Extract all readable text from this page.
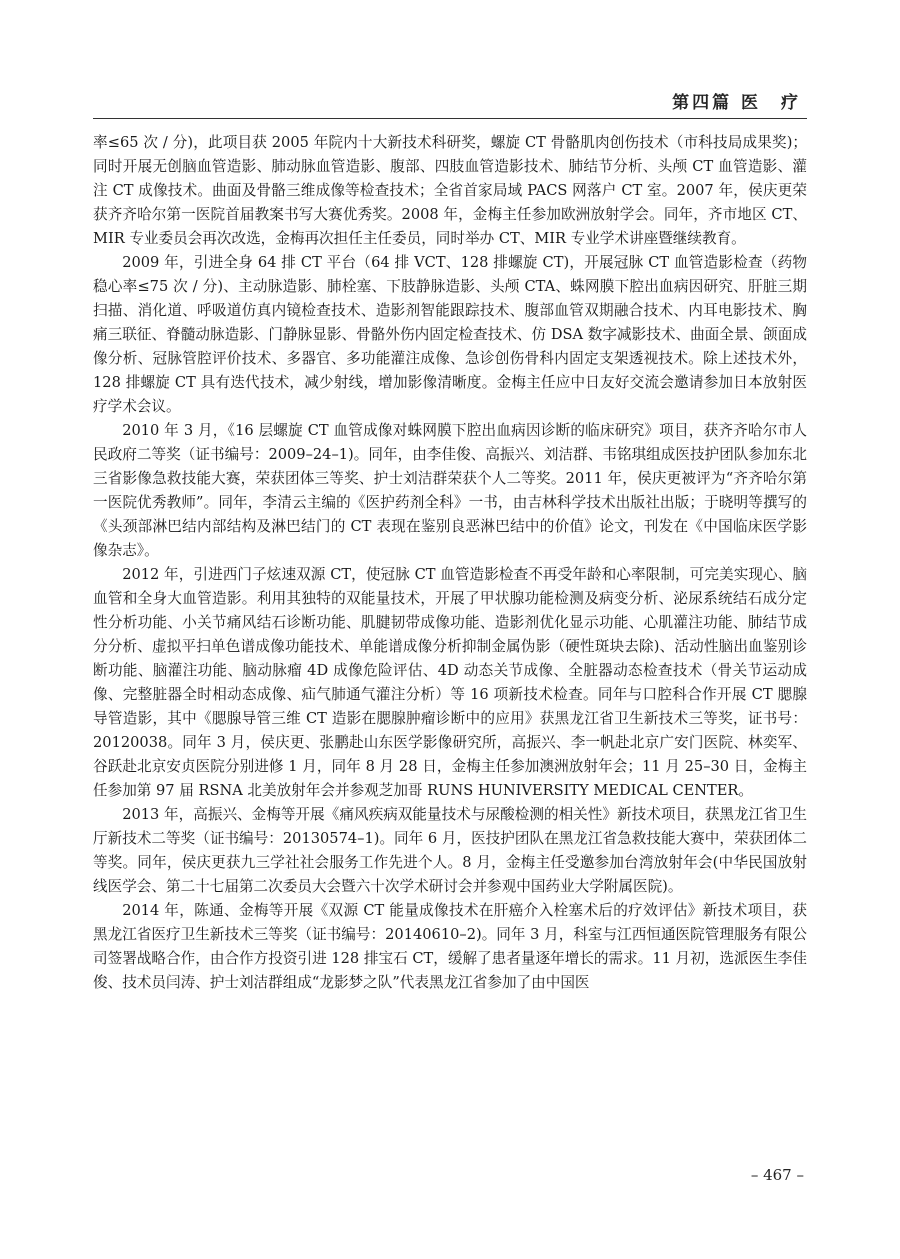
第四篇 医　疗

率≤65 次 / 分)，此项目获 2005 年院内十大新技术科研奖，螺旋 CT 骨骼肌肉创伤技术（市科技局成果奖)；同时开展无创脑血管造影、肺动脉血管造影、腹部、四肢血管造影技术、肺结节分析、头颅 CT 血管造影、灌注 CT 成像技术。曲面及骨骼三维成像等检查技术；全省首家局域 PACS 网落户 CT 室。2007 年，侯庆更荣获齐齐哈尔第一医院首届教案书写大赛优秀奖。2008 年，金梅主任参加欧洲放射学会。同年，齐市地区 CT、MIR 专业委员会再次改选，金梅再次担任主任委员，同时举办 CT、MIR 专业学术讲座暨继续教育。

2009 年，引进全身 64 排 CT 平台（64 排 VCT、128 排螺旋 CT)，开展冠脉 CT 血管造影检查（药物稳心率≤75 次 / 分)、主动脉造影、肺栓塞、下肢静脉造影、头颅 CTA、蛛网膜下腔出血病因研究、肝脏三期扫描、消化道、呼吸道仿真内镜检查技术、造影剂智能跟踪技术、腹部血管双期融合技术、内耳电影技术、胸痛三联征、脊髓动脉造影、门静脉显影、骨骼外伤内固定检查技术、仿 DSA 数字减影技术、曲面全景、颌面成像分析、冠脉管腔评价技术、多器官、多功能灌注成像、急诊创伤骨科内固定支架透视技术。除上述技术外，128 排螺旋 CT 具有迭代技术，减少射线，增加影像清晰度。金梅主任应中日友好交流会邀请参加日本放射医疗学术会议。

2010 年 3 月，《16 层螺旋 CT 血管成像对蛛网膜下腔出血病因诊断的临床研究》项目，获齐齐哈尔市人民政府二等奖（证书编号：2009–24–1)。同年，由李佳俊、高振兴、刘洁群、韦铭琪组成医技护团队参加东北三省影像急救技能大赛，荣获团体三等奖、护士刘洁群荣获个人二等奖。2011 年，侯庆更被评为“齐齐哈尔第一医院优秀教师”。同年，李清云主编的《医护药剂全科》一书，由吉林科学技术出版社出版；于晓明等撰写的《头颈部淋巴结内部结构及淋巴结门的 CT 表现在鉴别良恶淋巴结中的价值》论文，刊发在《中国临床医学影像杂志》。

2012 年，引进西门子炫速双源 CT，使冠脉 CT 血管造影检查不再受年龄和心率限制，可完美实现心、脑血管和全身大血管造影。利用其独特的双能量技术，开展了甲状腺功能检测及病变分析、泌尿系统结石成分定性分析功能、小关节痛风结石诊断功能、肌腱韧带成像功能、造影剂优化显示功能、心肌灌注功能、肺结节成分分析、虚拟平扫单色谱成像功能技术、单能谱成像分析抑制金属伪影（硬性斑块去除)、活动性脑出血鉴别诊断功能、脑灌注功能、脑动脉瘤 4D 成像危险评估、4D 动态关节成像、全脏器动态检查技术（骨关节运动成像、完整脏器全时相动态成像、疝气肺通气灌注分析）等 16 项新技术检查。同年与口腔科合作开展 CT 腮腺导管造影，其中《腮腺导管三维 CT 造影在腮腺肿瘤诊断中的应用》获黑龙江省卫生新技术三等奖，证书号：20120038。同年 3 月，侯庆更、张鹏赴山东医学影像研究所，高振兴、李一帆赴北京广安门医院、林奕军、谷跃赴北京安贞医院分别进修 1 月，同年 8 月 28 日，金梅主任参加澳洲放射年会；11 月 25–30 日，金梅主任参加第 97 届 RSNA 北美放射年会并参观芝加哥 RUNS HUNIVERSITY MEDICAL CENTER。

2013 年，高振兴、金梅等开展《痛风疾病双能量技术与尿酸检测的相关性》新技术项目，获黑龙江省卫生厅新技术二等奖（证书编号：20130574–1)。同年 6 月，医技护团队在黑龙江省急救技能大赛中，荣获团体二等奖。同年，侯庆更获九三学社社会服务工作先进个人。8 月，金梅主任受邀参加台湾放射年会(中华民国放射线医学会、第二十七届第二次委员大会暨六十次学术研讨会并参观中国药业大学附属医院)。

2014 年，陈通、金梅等开展《双源 CT 能量成像技术在肝癌介入栓塞术后的疗效评估》新技术项目，获黑龙江省医疗卫生新技术三等奖（证书编号：20140610–2)。同年 3 月，科室与江西恒通医院管理服务有限公司签署战略合作，由合作方投资引进 128 排宝石 CT，缓解了患者量逐年增长的需求。11 月初，选派医生李佳俊、技术员闫涛、护士刘洁群组成“龙影梦之队”代表黑龙江省参加了由中国医

– 467 –
